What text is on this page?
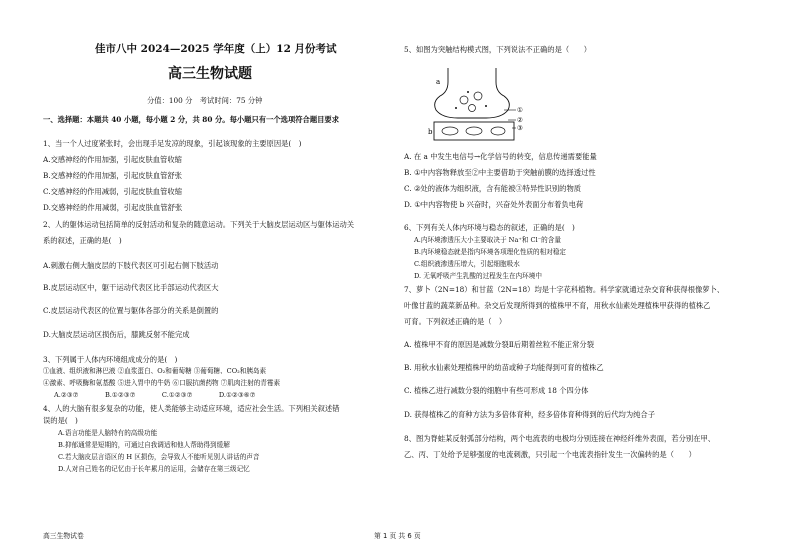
佳市八中 2024—2025 学年度（上）12 月份考试
高三生物试题
分值：100 分　考试时间：75 分钟
一、选择题：本题共 40 小题，每小题 2 分，共 80 分。每小题只有一个选项符合题目要求
1、当一个人过度紧张时，会出现手足发凉的现象，引起该现象的主要原因是(　)
A.交感神经的作用加强，引起皮肤血管收缩
B.交感神经的作用加强，引起皮肤血管舒张
C.交感神经的作用减弱，引起皮肤血管收缩
D.交感神经的作用减弱，引起皮肤血管舒张
2、人的躯体运动包括简单的反射活动和复杂的随意运动。下列关于大脑皮层运动区与躯体运动关
系的叙述，正确的是(　)
A.刺激右侧大脑皮层的下肢代表区可引起右侧下肢活动
B.皮层运动区中，躯干运动代表区比手部运动代表区大
C.皮层运动代表区的位置与躯体各部分的关系是倒置的
D.大脑皮层运动区损伤后，膝跳反射不能完成
3、下列属于人体内环境组成成分的是(　)
①血液、组织液和淋巴液 ②血浆蛋白、O₂和葡萄糖 ③葡萄糖、CO₂和胰岛素
④激素、呼吸酶和氨基酸 ⑤进入胃中的牛奶 ⑥口服抗菌药物 ⑦肌肉注射的青霉素
A.②③⑦　　　　B.①②③⑦　　　　C.①②③⑦　　　　D.①②③⑥⑦
4、人的大脑有很多复杂的功能，使人类能够主动适应环境，适应社会生活。下列相关叙述错
误的是(　)
A.语言功能是人脑特有的高级功能
B.抑郁通常是短期的，可通过自我调适和他人帮助得到缓解
C.若大脑皮层言语区的 H 区损伤，会导致人不能听见别人讲话的声音
D.人对自己姓名的记忆由于长年累月的运用，会储存在第三级记忆
5、如图为突触结构模式图，下列说法不正确的是（　　）
a
b
①
②
③
A. 在 a 中发生电信号→化学信号的转变，信息传递需要能量
B. ①中内容物释放至②中主要借助于突触前膜的选择透过性
C. ②处的液体为组织液，含有能被③特异性识别的物质
D. ①中内容物使 b 兴奋时，兴奋处外表面分布着负电荷
6、下列有关人体内环境与稳态的叙述，正确的是(　)
A.内环境渗透压大小主要取决于 Na⁺和 Cl⁻的含量
B.内环境稳态就是指内环境各项理化性质的相对稳定
C.组织液渗透压增大，引起细胞吸水
D. 无氧呼吸产生乳酸的过程发生在内环境中
7、萝卜（2N=18）和甘蓝（2N=18）均是十字花科植物。科学家就通过杂交育种获得根像萝卜、
叶像甘蓝的蔬菜新品种。杂交后发现所得到的植株甲不育，用秋水仙素处理植株甲获得的植株乙
可育。下列叙述正确的是（　）
A. 植株甲不育的原因是减数分裂Ⅱ后期着丝粒不能正常分裂
B. 用秋水仙素处理植株甲的幼苗或种子均能得到可育的植株乙
C. 植株乙进行减数分裂的细胞中有些可形成 18 个四分体
D. 获得植株乙的育种方法为多倍体育种，经多倍体育种得到的后代均为纯合子
8、图为脊蛙某反射弧部分结构，两个电流表的电极均分别连接在神经纤维外表面，若分别在甲、
乙、丙、丁处给予足够强度的电流刺激，只引起一个电流表指针发生一次偏转的是（　　）
高三生物试卷	第 1 页 共 6 页
